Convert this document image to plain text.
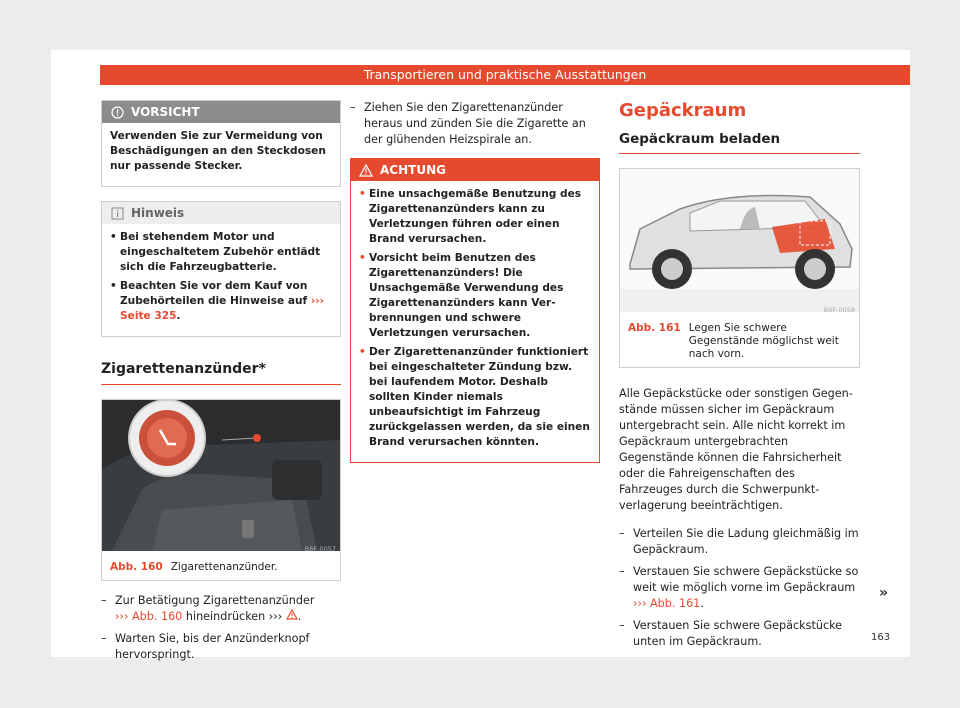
Transportieren und praktische Ausstattungen
VORSICHT

Verwenden Sie zur Vermeidung von Beschädigungen an den Steckdosen nur passende Stecker.

Hinweis
• Bei stehendem Motor und eingeschaltetem Zubehör entlädt sich die Fahrzeugbatterie.
• Beachten Sie vor dem Kauf von Zubehörteilen die Hinweise auf ››› Seite 325.
Zigarettenanzünder*
B6F-0057
Abb. 160 Zigarettenanzünder.
– Zur Betätigung Zigarettenanzünder
››› Abb. 160 hineindrücken ››› .
– Warten Sie, bis der Anzünderknopf hervorspringt.
– Ziehen Sie den Zigarettenanzünder heraus und zünden Sie die Zigarette an der glühenden Heizspirale an.
ACHTUNG
• Eine unsachgemäße Benutzung des Zigarettenanzünders kann zu Verletzungen führen oder einen Brand verursachen.
• Vorsicht beim Benutzen des Zigarettenanzünders! Die Unsachgemäße Verwendung des Zigarettenanzünders kann Verbrennungen und schwere Verletzungen verursachen.
• Der Zigarettenanzünder funktioniert bei eingeschalteter Zündung bzw. bei laufendem Motor. Deshalb sollten Kinder niemals unbeaufsichtigt im Fahrzeug zurückgelassen werden, da sie einen Brand verursachen könnten.
Gepäckraum
Gepäckraum beladen
B6F-0058
Abb. 161 Legen Sie schwere Gegenstände möglichst weit nach vorn.
Alle Gepäckstücke oder sonstigen Gegenstände müssen sicher im Gepäckraum untergebracht sein. Alle nicht korrekt im Gepäckraum untergebrachten Gegenstände können die Fahrsicherheit oder die Fahreigenschaften des Fahrzeuges durch die Schwerpunktverlagerung beeinträchtigen.
– Verteilen Sie die Ladung gleichmäßig im Gepäckraum.
– Verstauen Sie schwere Gepäckstücke so weit wie möglich vorne im Gepäckraum
››› Abb. 161.
– Verstauen Sie schwere Gepäckstücke unten im Gepäckraum.
»
163
